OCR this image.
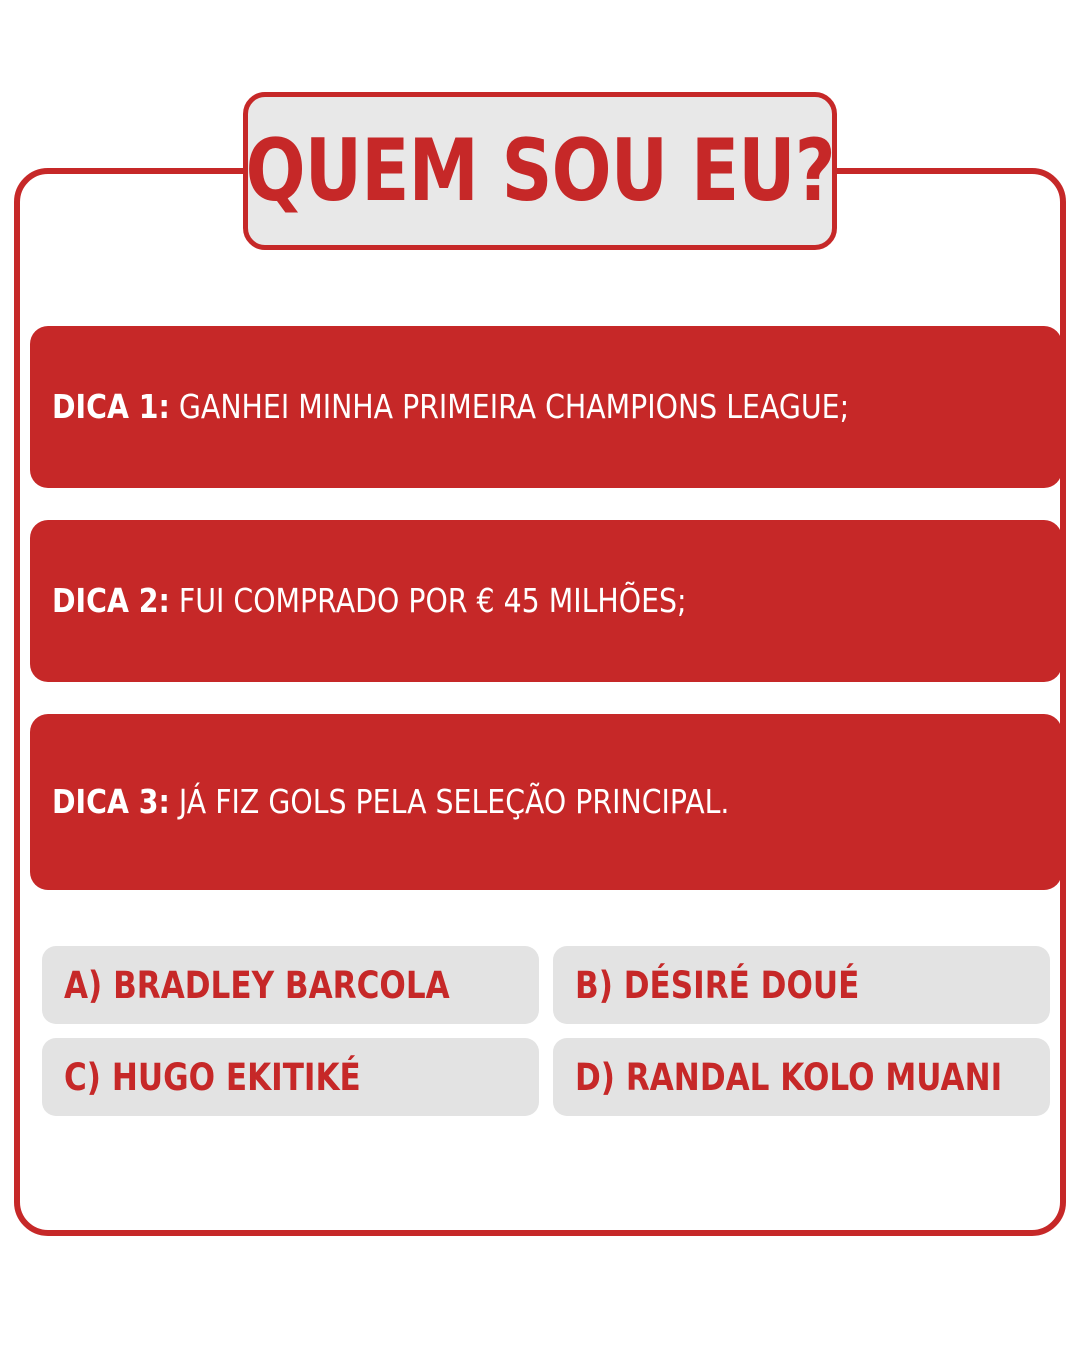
DICA 1: GANHEI MINHA PRIMEIRA CHAMPIONS LEAGUE;
DICA 2: FUI COMPRADO POR € 45 MILHÕES;
DICA 3: JÁ FIZ GOLS PELA SELEÇÃO PRINCIPAL.
A) BRADLEY BARCOLA	B) DÉSIRÉ DOUÉ
C) HUGO EKITIKÉ	D) RANDAL KOLO MUANI
QUEM SOU EU?
